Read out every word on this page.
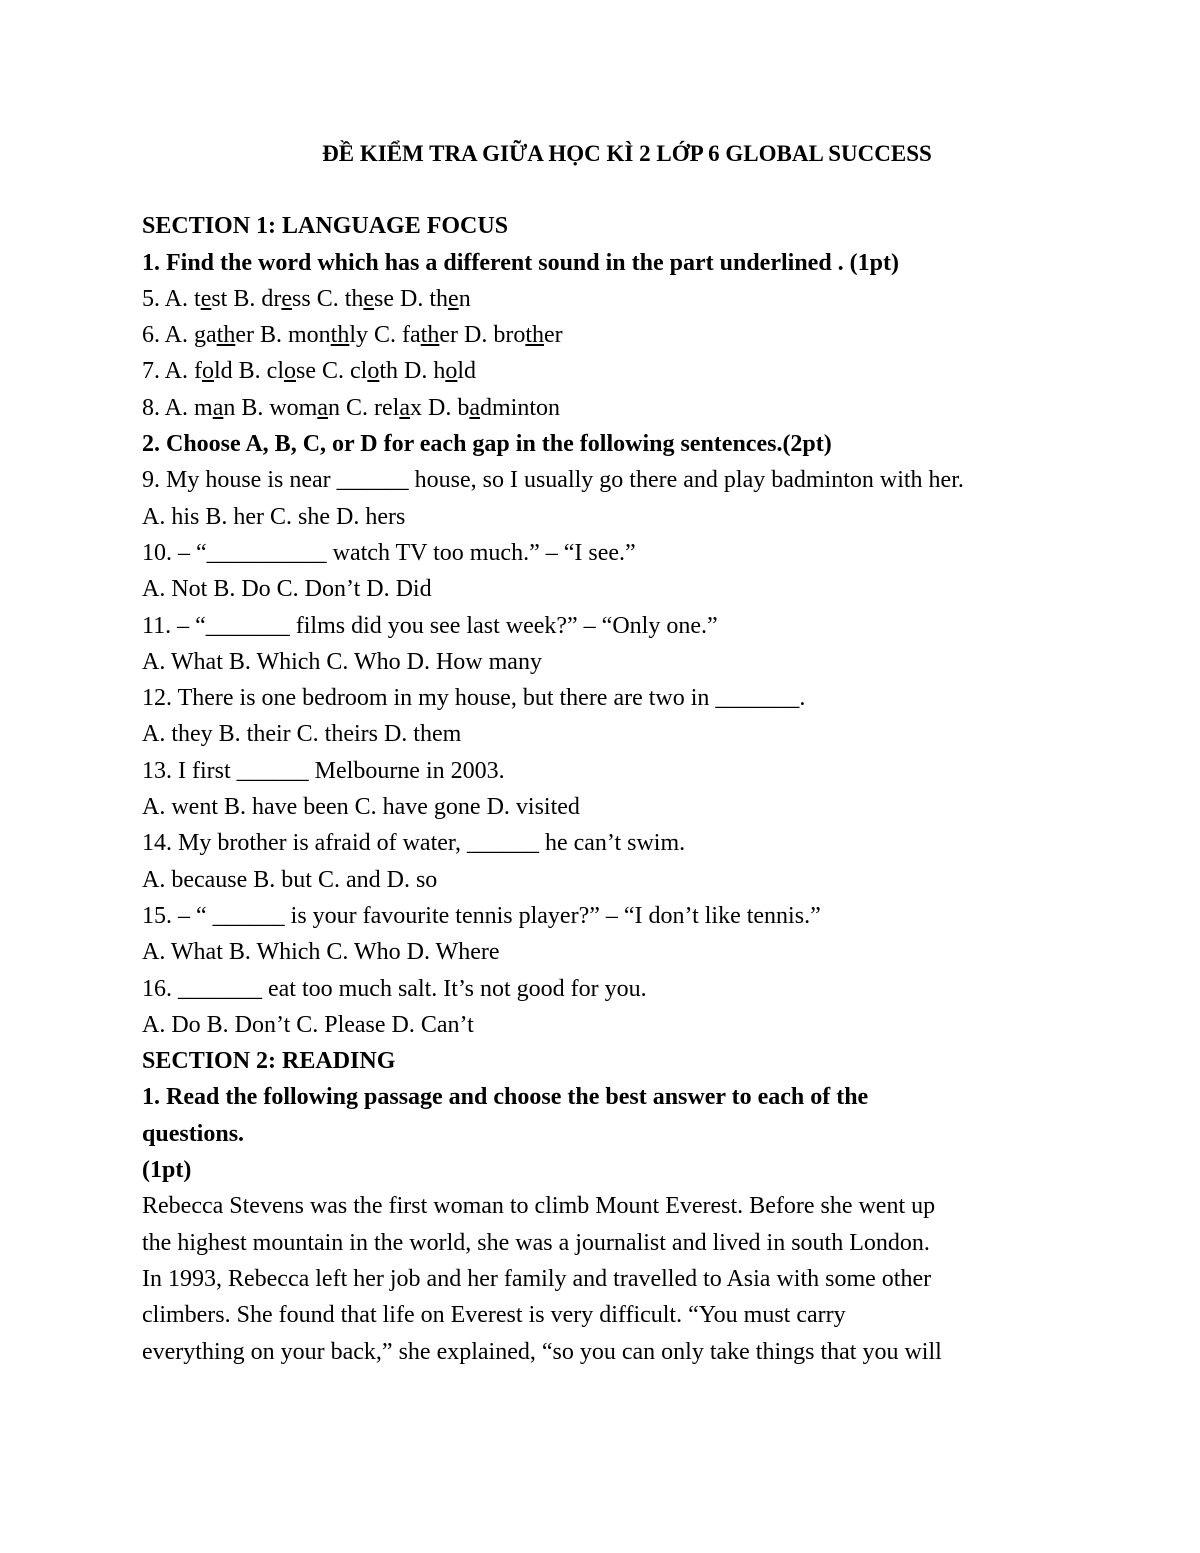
ĐỀ KIỂM TRA GIỮA HỌC KÌ 2 LỚP 6 GLOBAL SUCCESS

SECTION 1: LANGUAGE FOCUS

1. Find the word which has a different sound in the part underlined . (1pt)

5. A. test B. dress C. these D. then

6. A. gather B. monthly C. father D. brother

7. A. fold B. close C. cloth D. hold

8. A. man B. woman C. relax D. badminton

2. Choose A, B, C, or D for each gap in the following sentences.(2pt)

9. My house is near ______ house, so I usually go there and play badminton with her.

A. his B. her C. she D. hers

10. – “__________ watch TV too much.” – “I see.”

A. Not B. Do C. Don’t D. Did

11. – “_______ films did you see last week?” – “Only one.”

A. What B. Which C. Who D. How many

12. There is one bedroom in my house, but there are two in _______.

A. they B. their C. theirs D. them

13. I first ______ Melbourne in 2003.

A. went B. have been C. have gone D. visited

14. My brother is afraid of water, ______ he can’t swim.

A. because B. but C. and D. so

15. – “ ______ is your favourite tennis player?” – “I don’t like tennis.”

A. What B. Which C. Who D. Where

16. _______ eat too much salt. It’s not good for you.

A. Do B. Don’t C. Please D. Can’t

SECTION 2: READING

1. Read the following passage and choose the best answer to each of the

questions.

(1pt)

Rebecca Stevens was the first woman to climb Mount Everest. Before she went up

the highest mountain in the world, she was a journalist and lived in south London.

In 1993, Rebecca left her job and her family and travelled to Asia with some other

climbers. She found that life on Everest is very difficult. “You must carry

everything on your back,” she explained, “so you can only take things that you will
